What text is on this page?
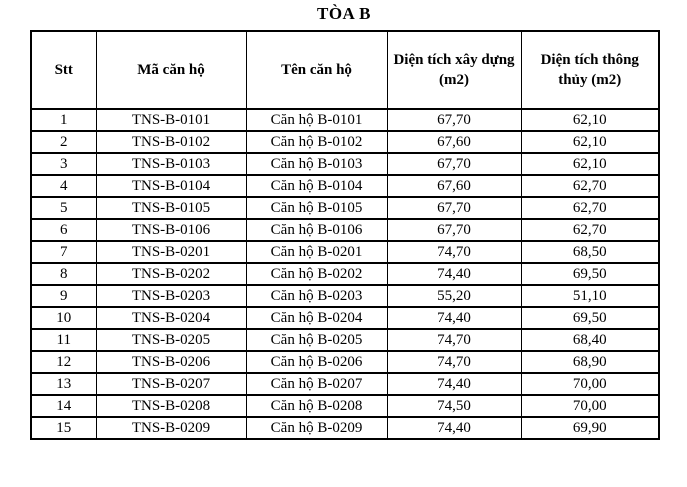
TÒA B
Stt	Mã căn hộ	Tên căn hộ	Diện tích xây dựng (m2)	Diện tích thông thủy (m2)
1	TNS-B-0101	Căn hộ B-0101	67,70	62,10
2	TNS-B-0102	Căn hộ B-0102	67,60	62,10
3	TNS-B-0103	Căn hộ B-0103	67,70	62,10
4	TNS-B-0104	Căn hộ B-0104	67,60	62,70
5	TNS-B-0105	Căn hộ B-0105	67,70	62,70
6	TNS-B-0106	Căn hộ B-0106	67,70	62,70
7	TNS-B-0201	Căn hộ B-0201	74,70	68,50
8	TNS-B-0202	Căn hộ B-0202	74,40	69,50
9	TNS-B-0203	Căn hộ B-0203	55,20	51,10
10	TNS-B-0204	Căn hộ B-0204	74,40	69,50
11	TNS-B-0205	Căn hộ B-0205	74,70	68,40
12	TNS-B-0206	Căn hộ B-0206	74,70	68,90
13	TNS-B-0207	Căn hộ B-0207	74,40	70,00
14	TNS-B-0208	Căn hộ B-0208	74,50	70,00
15	TNS-B-0209	Căn hộ B-0209	74,40	69,90
